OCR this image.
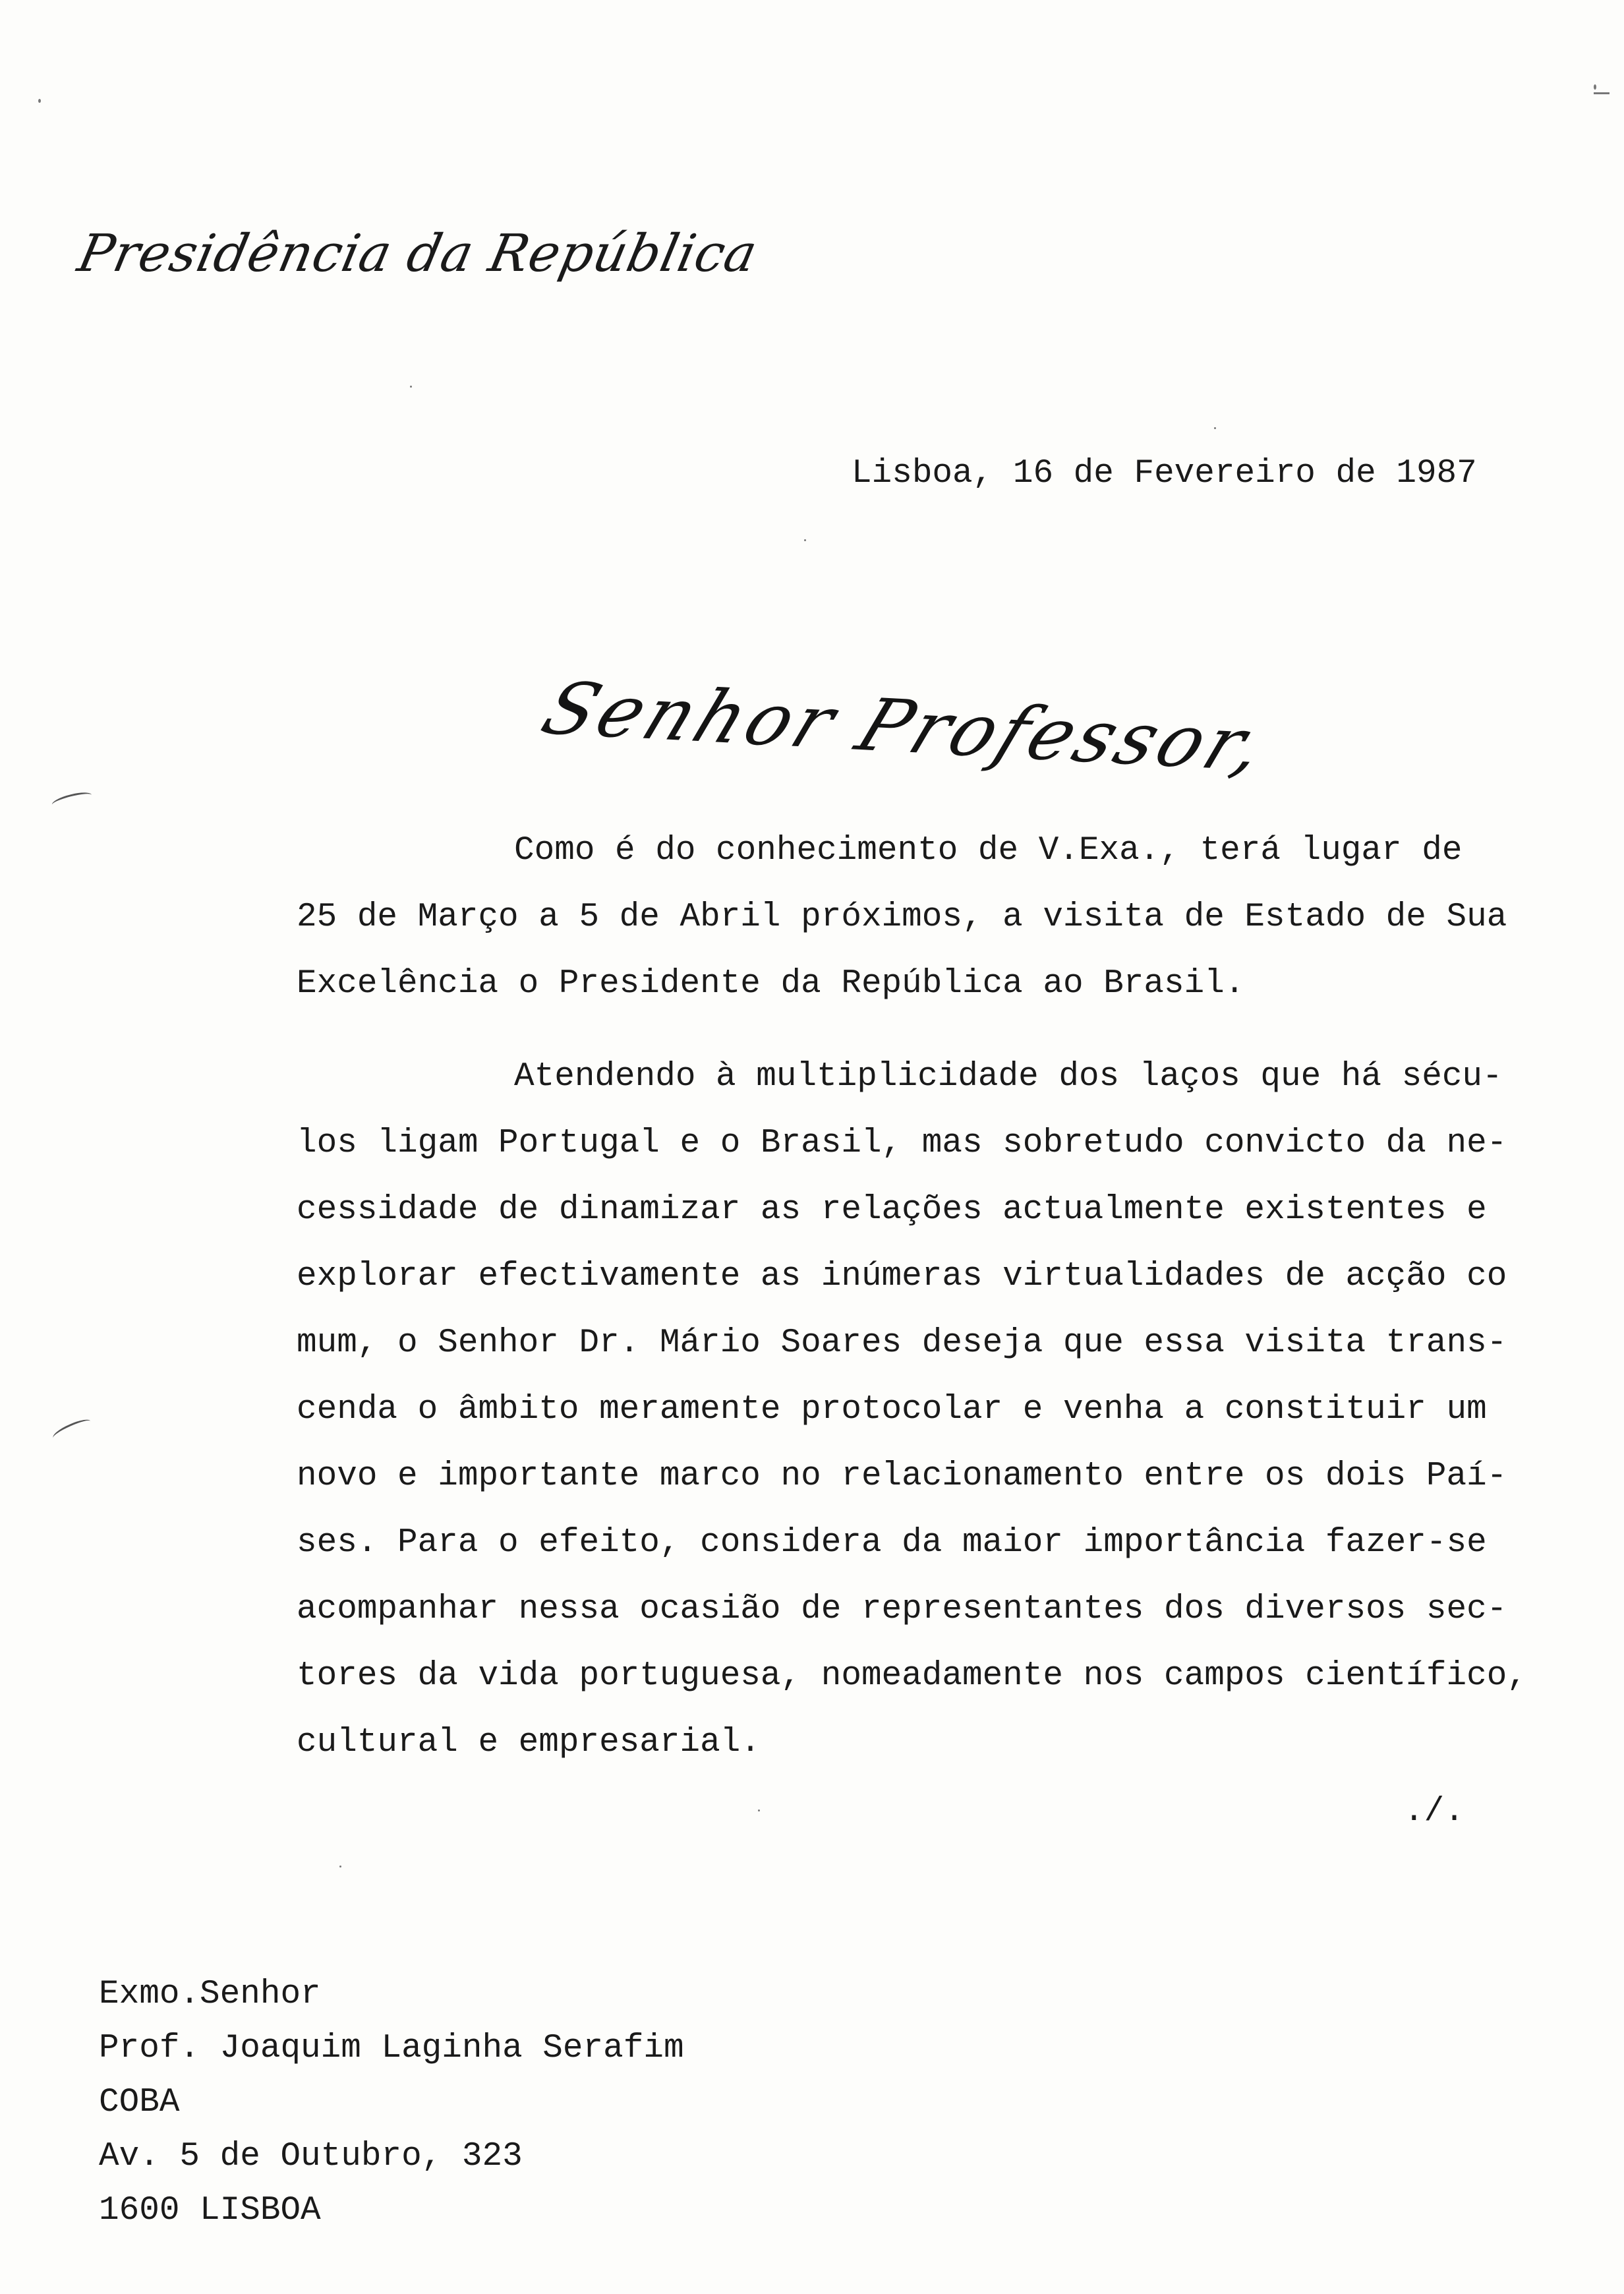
Presidência da República
Lisboa, 16 de Fevereiro de 1987
Senhor Professor,
Como é do conhecimento de V.Exa., terá lugar de
25 de Março a 5 de Abril próximos, a visita de Estado de Sua
Excelência o Presidente da República ao Brasil.
Atendendo à multiplicidade dos laços que há sécu-
los ligam Portugal e o Brasil, mas sobretudo convicto da ne-
cessidade de dinamizar as relações actualmente existentes e
explorar efectivamente as inúmeras virtualidades de acção co
mum, o Senhor Dr. Mário Soares deseja que essa visita trans-
cenda o âmbito meramente protocolar e venha a constituir um
novo e importante marco no relacionamento entre os dois Paí-
ses. Para o efeito, considera da maior importância fazer-se
acompanhar nessa ocasião de representantes dos diversos sec-
tores da vida portuguesa, nomeadamente nos campos científico,
cultural e empresarial.
./.
Exmo.Senhor
Prof. Joaquim Laginha Serafim
COBA
Av. 5 de Outubro, 323
1600 LISBOA
